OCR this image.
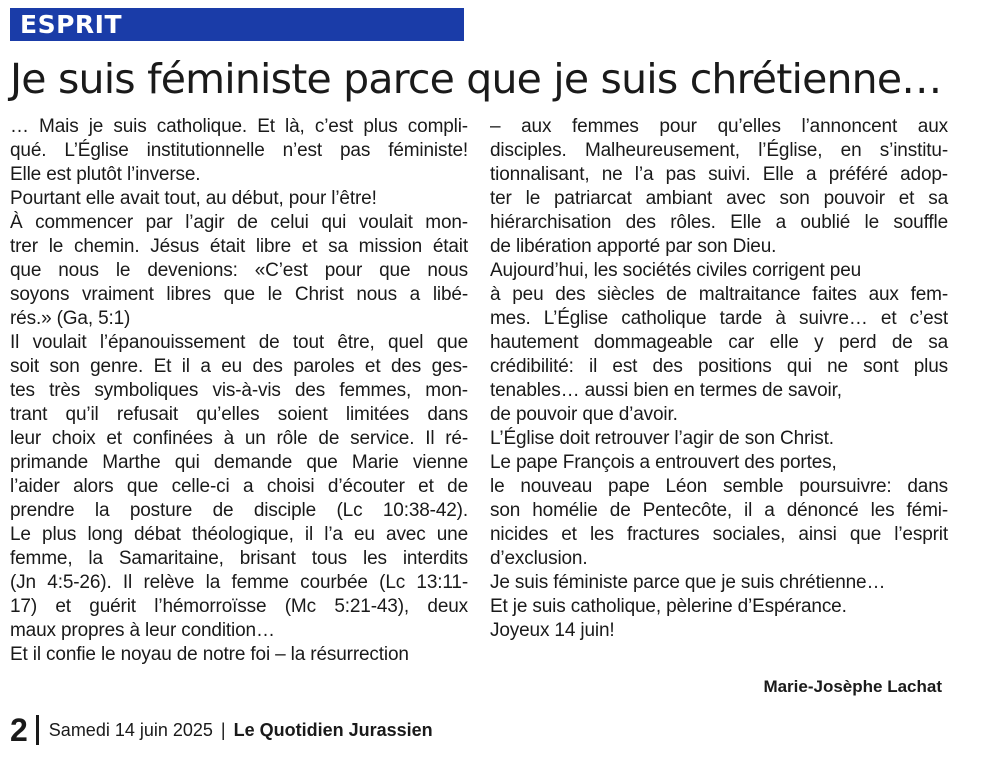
ESPRIT
Je suis féministe parce que je suis chrétienne…
… Mais je suis catholique. Et là, c’est plus compli-
qué. L’Église institutionnelle n’est pas féministe!
Elle est plutôt l’inverse.
Pourtant elle avait tout, au début, pour l’être!
À commencer par l’agir de celui qui voulait mon-
trer le chemin. Jésus était libre et sa mission était
que nous le devenions: «C’est pour que nous
soyons vraiment libres que le Christ nous a libé-
rés.» (Ga, 5:1)
Il voulait l’épanouissement de tout être, quel que
soit son genre. Et il a eu des paroles et des ges-
tes très symboliques vis-à-vis des femmes, mon-
trant qu’il refusait qu’elles soient limitées dans
leur choix et confinées à un rôle de service. Il ré-
primande Marthe qui demande que Marie vienne
l’aider alors que celle-ci a choisi d’écouter et de
prendre la posture de disciple (Lc 10:38-42).
Le plus long débat théologique, il l’a eu avec une
femme, la Samaritaine, brisant tous les interdits
(Jn 4:5-26). Il relève la femme courbée (Lc 13:11-
17) et guérit l’hémorroïsse (Mc 5:21-43), deux
maux propres à leur condition…
Et il confie le noyau de notre foi – la résurrection
– aux femmes pour qu’elles l’annoncent aux
disciples. Malheureusement, l’Église, en s’institu-
tionnalisant, ne l’a pas suivi. Elle a préféré adop-
ter le patriarcat ambiant avec son pouvoir et sa
hiérarchisation des rôles. Elle a oublié le souffle
de libération apporté par son Dieu.
Aujourd’hui, les sociétés civiles corrigent peu
à peu des siècles de maltraitance faites aux fem-
mes. L’Église catholique tarde à suivre… et c’est
hautement dommageable car elle y perd de sa
crédibilité: il est des positions qui ne sont plus
tenables… aussi bien en termes de savoir,
de pouvoir que d’avoir.
L’Église doit retrouver l’agir de son Christ.
Le pape François a entrouvert des portes,
le nouveau pape Léon semble poursuivre: dans
son homélie de Pentecôte, il a dénoncé les fémi-
nicides et les fractures sociales, ainsi que l’esprit
d’exclusion.
Je suis féministe parce que je suis chrétienne…
Et je suis catholique, pèlerine d’Espérance.
Joyeux 14 juin!
Marie-Josèphe Lachat
2 Samedi 14 juin 2025 | Le Quotidien Jurassien
